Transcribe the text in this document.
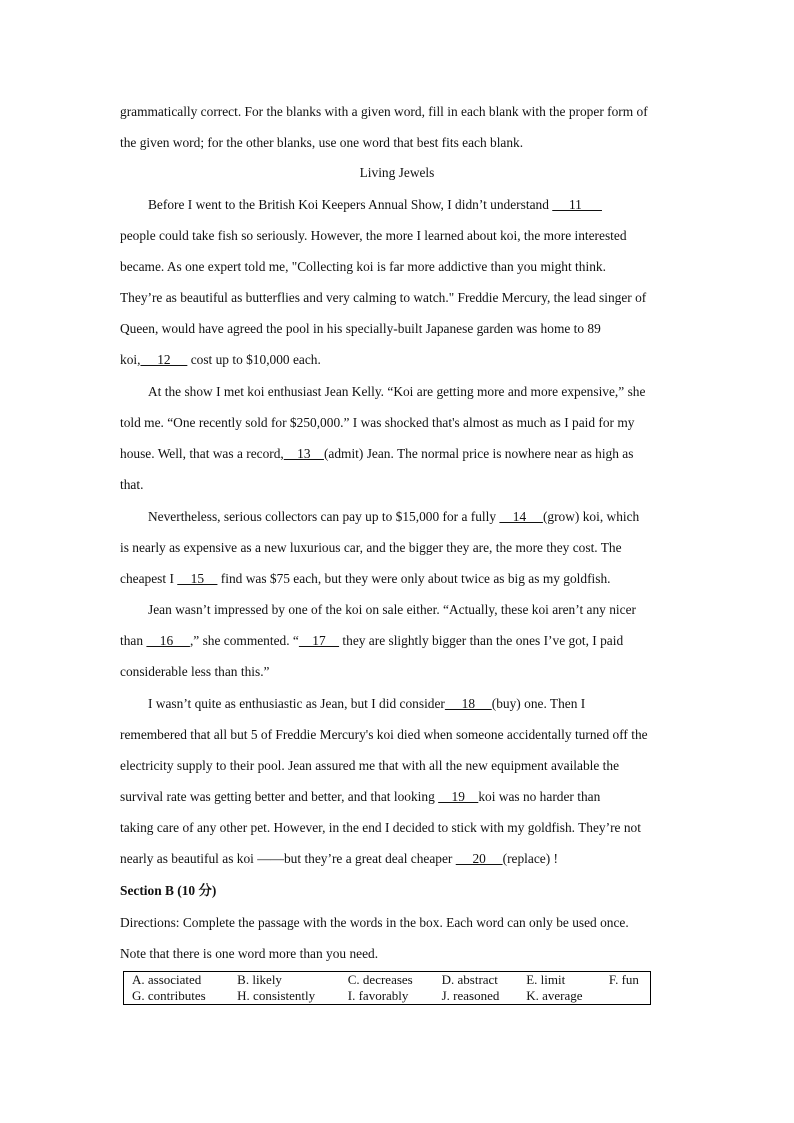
grammatically correct. For the blanks with a given word, fill in each blank with the proper form of
the given word; for the other blanks, use one word that best fits each blank.
Living Jewels
Before I went to the British Koi Keepers Annual Show, I didn’t understand      11
people could take fish so seriously. However, the more I learned about koi, the more interested
became. As one expert told me, "Collecting koi is far more addictive than you might think.
They’re as beautiful as butterflies and very calming to watch." Freddie Mercury, the lead singer of
Queen, would have agreed the pool in his specially-built Japanese garden was home to 89
koi,     12      cost up to $10,000 each.
At the show I met koi enthusiast Jean Kelly. “Koi are getting more and more expensive,” she
told me. “One recently sold for $250,000.” I was shocked that's almost as much as I paid for my
house. Well, that was a record,    13    (admit) Jean. The normal price is nowhere near as high as
that.
Nevertheless, serious collectors can pay up to $15,000 for a fully     14     (grow) koi, which
is nearly as expensive as a new luxurious car, and the bigger they are, the more they cost. The
cheapest I     15     find was $75 each, but they were only about twice as big as my goldfish.
Jean wasn’t impressed by one of the koi on sale either. “Actually, these koi aren’t any nicer
than     16     ,” she commented. “    17     they are slightly bigger than the ones I’ve got, I paid
considerable less than this.”
I wasn’t quite as enthusiastic as Jean, but I did consider     18     (buy) one. Then I
remembered that all but 5 of Freddie Mercury's koi died when someone accidentally turned off the
electricity supply to their pool. Jean assured me that with all the new equipment available the
survival rate was getting better and better, and that looking     19    koi was no harder than
taking care of any other pet. However, in the end I decided to stick with my goldfish. They’re not
nearly as beautiful as koi ——but they’re a great deal cheaper      20     (replace) !
Section B (10 分)
Directions: Complete the passage with the words in the box. Each word can only be used once.
Note that there is one word more than you need.
A. associated	B. likely	C. decreases	D. abstract	E. limit	F. fun
G. contributes	H. consistently	I. favorably	J. reasoned	K. average	
